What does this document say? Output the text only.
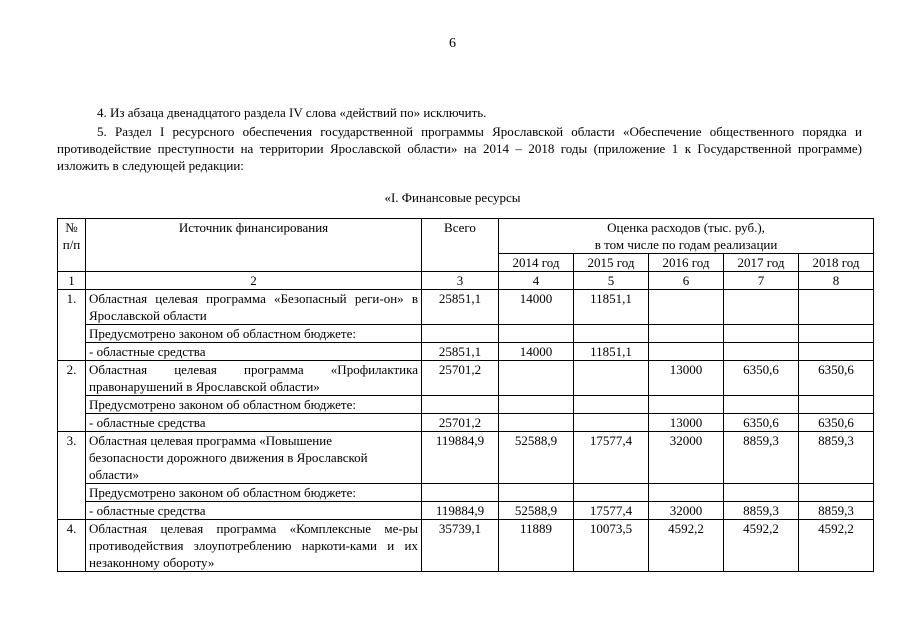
6

4. Из абзаца двенадцатого раздела IV слова «действий по» исключить.

5. Раздел I ресурсного обеспечения государственной программы Ярославской области «Обеспечение общественного порядка и противодействие преступности на территории Ярославской области» на 2014 – 2018 годы (приложение 1 к Государственной программе) изложить в следующей редакции:

«I. Финансовые ресурсы
№ п/п	Источник финансирования	Всего	Оценка расходов (тыс. руб.),
в том числе по годам реализации				

			2014 год	2015 год	2016 год	2017 год	2018 год
1	2	3	4	5	6	7	8
1.	Областная целевая программа «Безопасный реги-он» в Ярославской области	25851,1	14000	11851,1			
	Предусмотрено законом об областном бюджете:						
	- областные средства	25851,1	14000	11851,1			
2.	Областная целевая программа «Профилактика правонарушений в Ярославской области»	25701,2			13000	6350,6	6350,6
	Предусмотрено законом об областном бюджете:						
	- областные средства	25701,2			13000	6350,6	6350,6
3.	Областная целевая программа «Повышение безопасности дорожного движения в Ярославской области»	119884,9	52588,9	17577,4	32000	8859,3	8859,3
	Предусмотрено законом об областном бюджете:						
	- областные средства	119884,9	52588,9	17577,4	32000	8859,3	8859,3
4.	Областная целевая программа «Комплексные ме-ры противодействия злоупотреблению наркоти-ками и их незаконному обороту»	35739,1	11889	10073,5	4592,2	4592,2	4592,2
